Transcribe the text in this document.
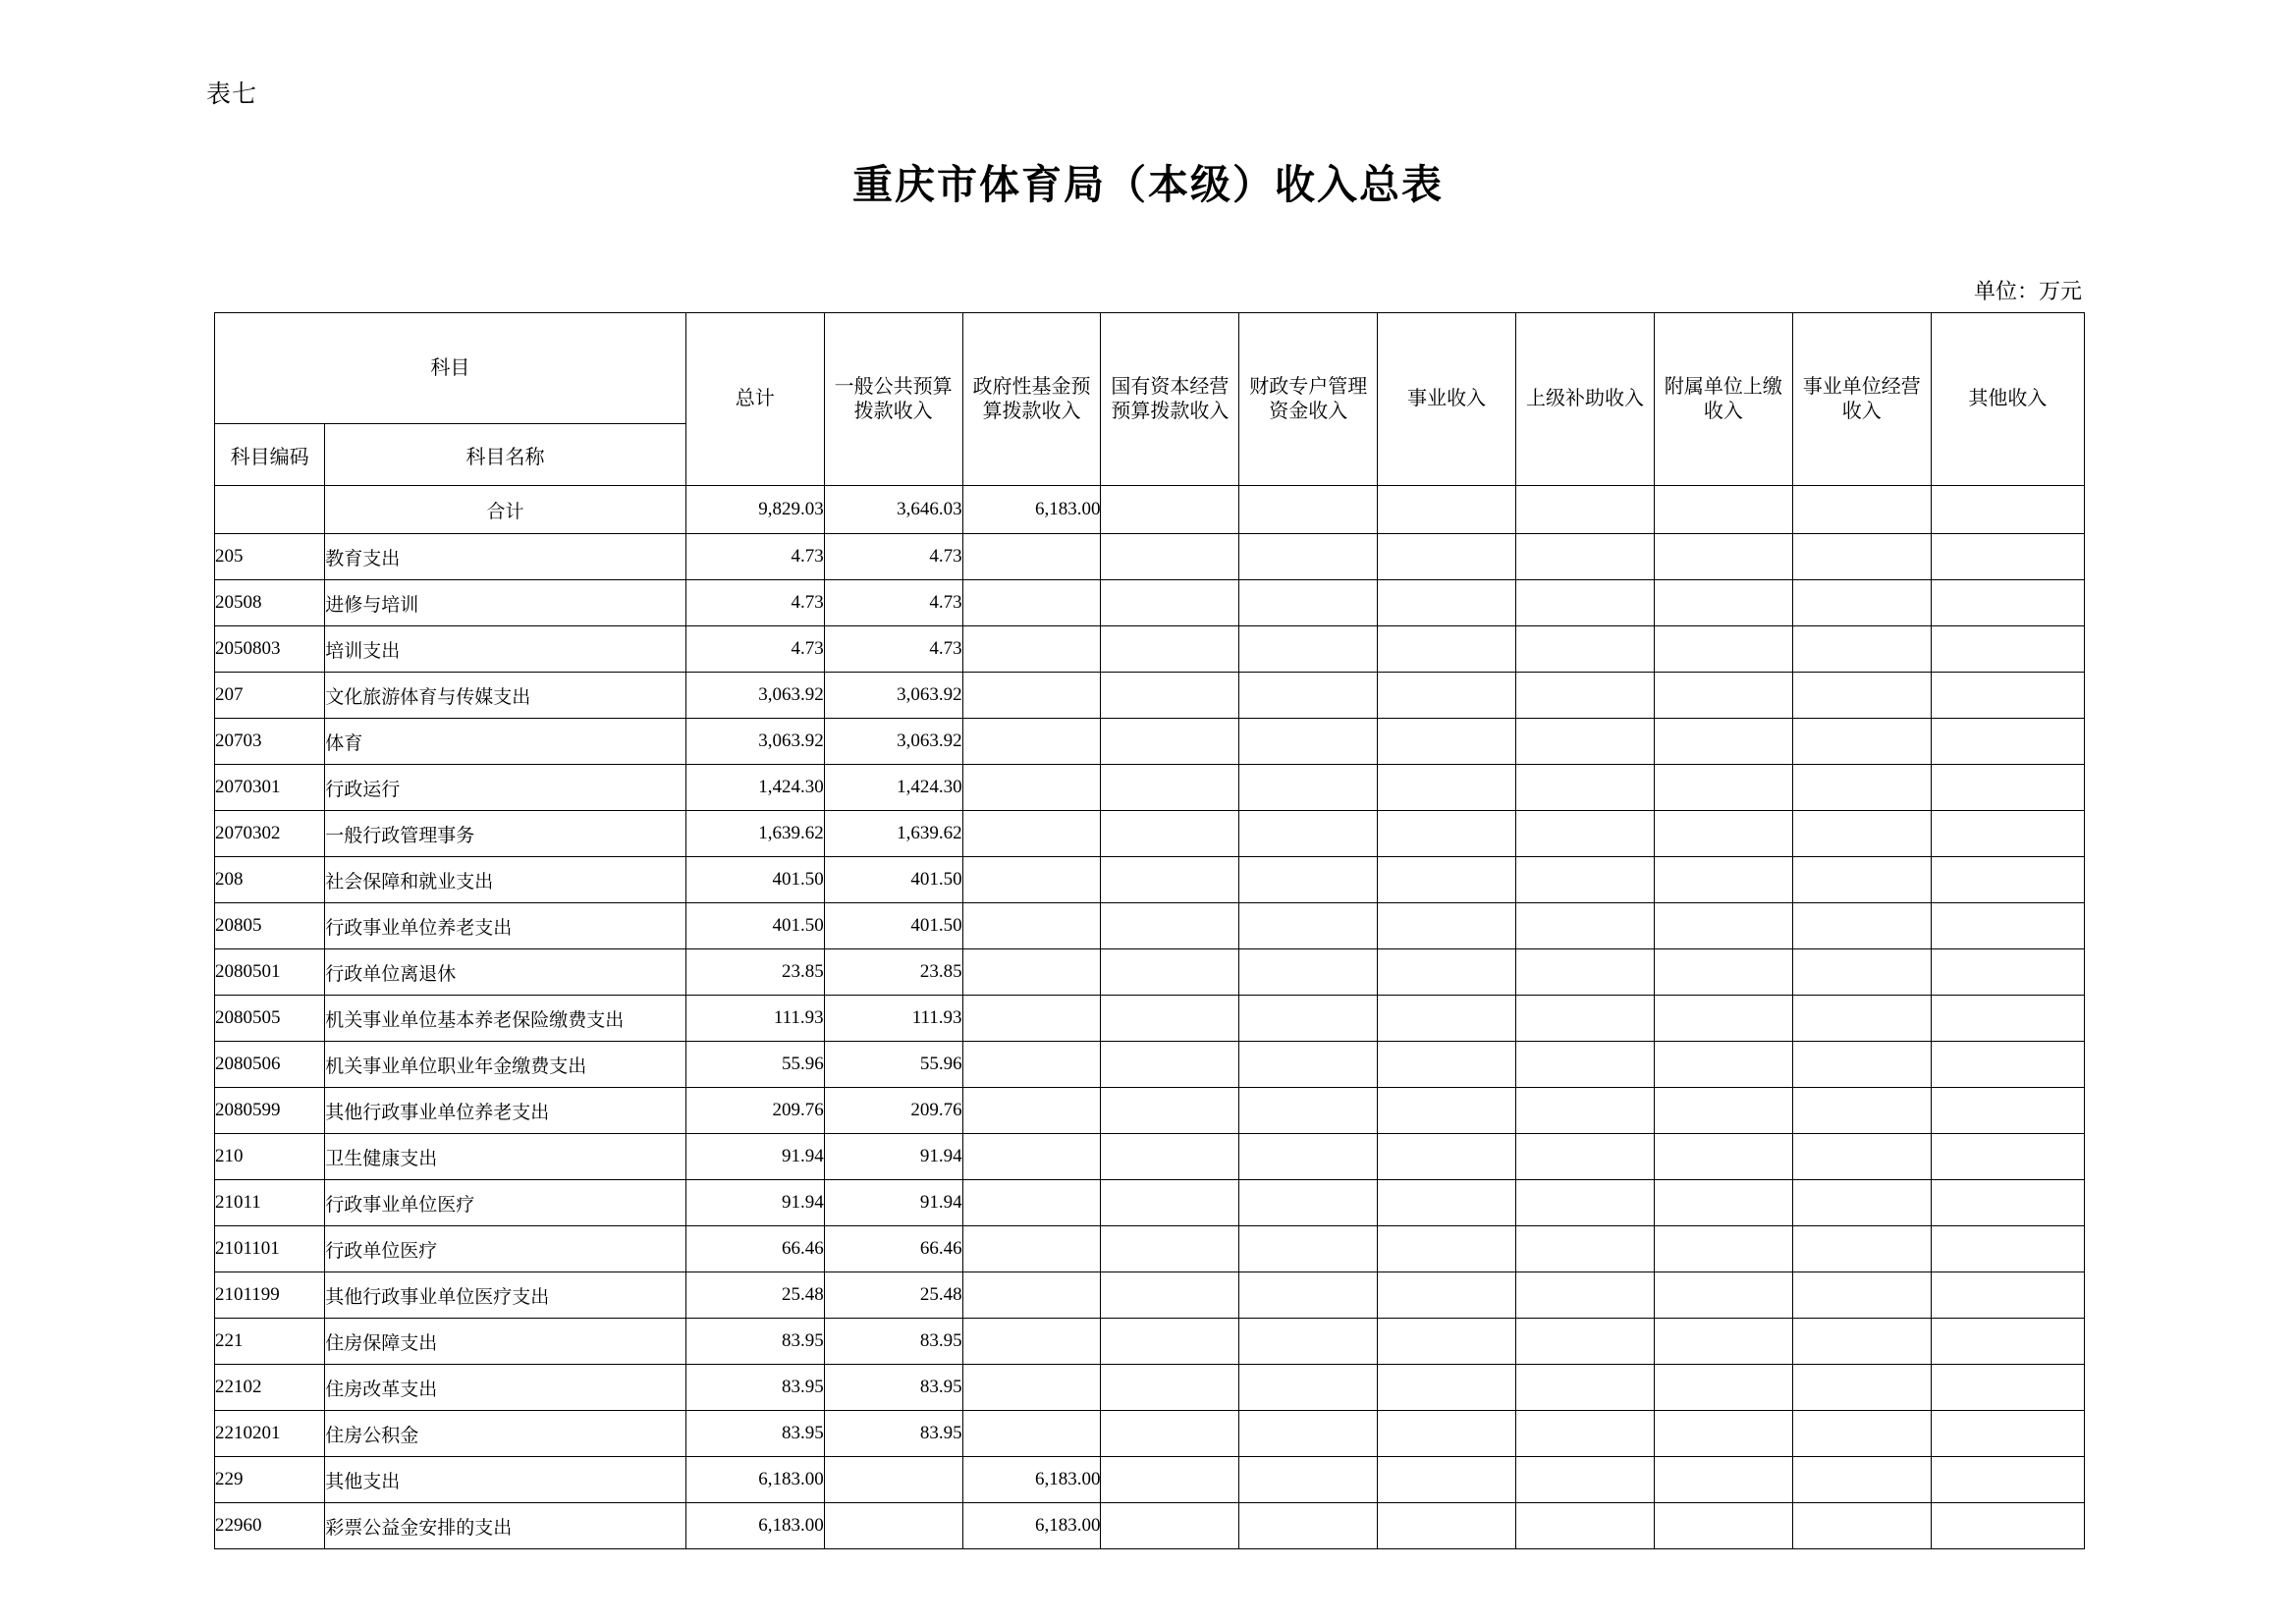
表七
重庆市体育局（本级）收入总表
单位：万元
科目		总计	一般公共预算拨款收入	政府性基金预算拨款收入	国有资本经营预算拨款收入	财政专户管理资金收入	事业收入	上级补助收入	附属单位上缴收入	事业单位经营收入	其他收入
科目编码	科目名称										
	合计	9,829.03	3,646.03	6,183.00							
205	教育支出	4.73	4.73								
20508	进修与培训	4.73	4.73								
2050803	培训支出	4.73	4.73								
207	文化旅游体育与传媒支出	3,063.92	3,063.92								
20703	体育	3,063.92	3,063.92								
2070301	行政运行	1,424.30	1,424.30								
2070302	一般行政管理事务	1,639.62	1,639.62								
208	社会保障和就业支出	401.50	401.50								
20805	行政事业单位养老支出	401.50	401.50								
2080501	行政单位离退休	23.85	23.85								
2080505	机关事业单位基本养老保险缴费支出	111.93	111.93								
2080506	机关事业单位职业年金缴费支出	55.96	55.96								
2080599	其他行政事业单位养老支出	209.76	209.76								
210	卫生健康支出	91.94	91.94								
21011	行政事业单位医疗	91.94	91.94								
2101101	行政单位医疗	66.46	66.46								
2101199	其他行政事业单位医疗支出	25.48	25.48								
221	住房保障支出	83.95	83.95								
22102	住房改革支出	83.95	83.95								
2210201	住房公积金	83.95	83.95								
229	其他支出	6,183.00		6,183.00							
22960	彩票公益金安排的支出	6,183.00		6,183.00							
